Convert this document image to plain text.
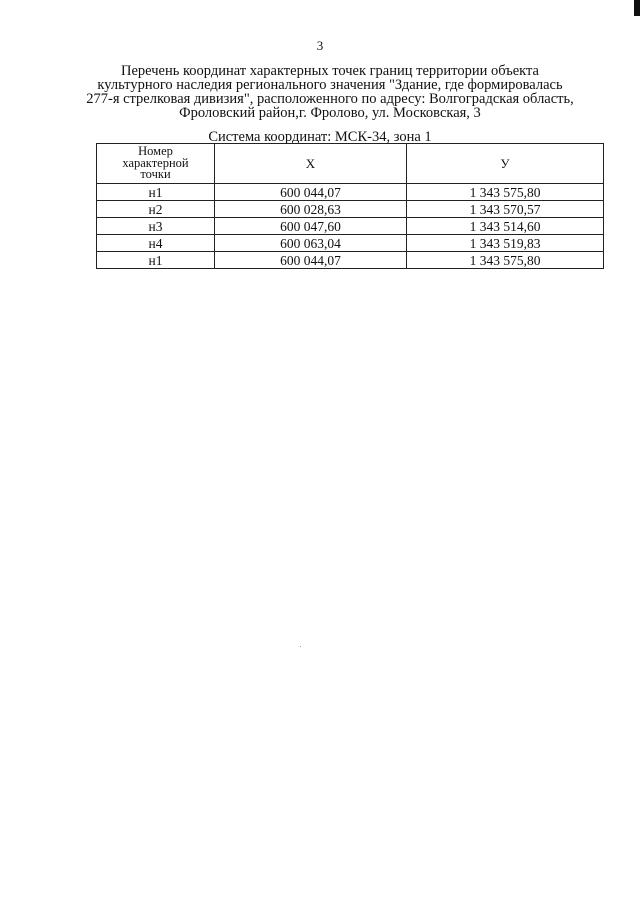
3
Перечень координат характерных точек границ территории объекта
культурного наследия регионального значения "Здание, где формировалась
277-я стрелковая дивизия", расположенного по адресу: Волгоградская область,
Фроловский район,г. Фролово, ул. Московская, 3
Система координат: МСК-34, зона 1
Номер
характерной
точки	X	У
н1	600 044,07	1 343 575,80
н2	600 028,63	1 343 570,57
н3	600 047,60	1 343 514,60
н4	600 063,04	1 343 519,83
н1	600 044,07	1 343 575,80
